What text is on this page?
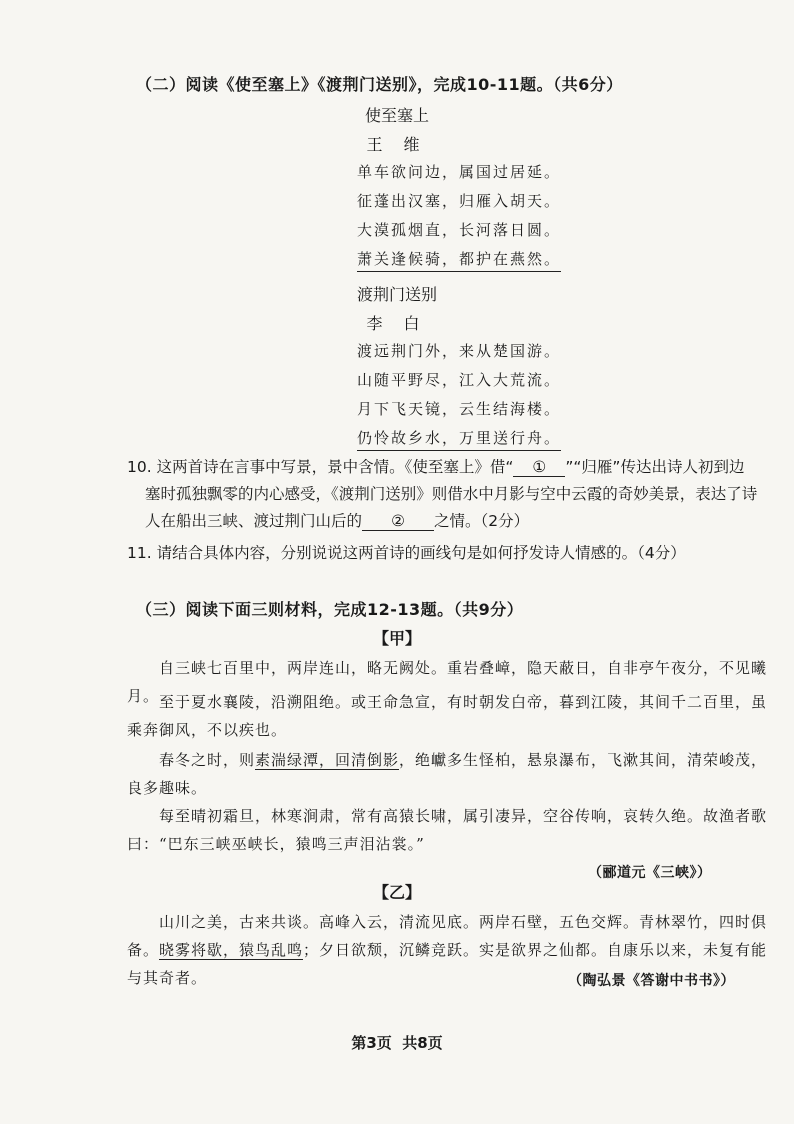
（二）阅读《使至塞上》《渡荆门送别》，完成10-11题。（共6分）
使至塞上
王 维
单车欲问边，属国过居延。
征蓬出汉塞，归雁入胡天。
大漠孤烟直，长河落日圆。
萧关逢候骑，都护在燕然。
渡荆门送别
李 白
渡远荆门外，来从楚国游。
山随平野尽，江入大荒流。
月下飞天镜，云生结海楼。
仍怜故乡水，万里送行舟。
10. 这两首诗在言事中写景，景中含情。《使至塞上》借“ ① ”“归雁”传达出诗人初到边
塞时孤独飘零的内心感受，《渡荆门送别》则借水中月影与空中云霞的奇妙美景，表达了诗
人在船出三峡、渡过荆门山后的 ② 之情。（2分）
11. 请结合具体内容，分别说说这两首诗的画线句是如何抒发诗人情感的。（4分）
（三）阅读下面三则材料，完成12-13题。（共9分）
【甲】
自三峡七百里中，两岸连山，略无阙处。重岩叠嶂，隐天蔽日，自非亭午夜分，不见曦月。 至于夏水襄陵，沿溯阻绝。或王命急宣，有时朝发白帝，暮到江陵，其间千二百里，虽乘奔御风，不以疾也。
春冬之时，则素湍绿潭，回清倒影，绝巘多生怪柏，悬泉瀑布，飞漱其间，清荣峻茂，良多趣味。
每至晴初霜旦，林寒涧肃，常有高猿长啸，属引凄异，空谷传响，哀转久绝。故渔者歌曰：“巴东三峡巫峡长，猿鸣三声泪沾裳。”
（郦道元《三峡》）
【乙】
山川之美，古来共谈。高峰入云，清流见底。两岸石壁，五色交辉。青林翠竹，四时俱备。晓雾将歇，猿鸟乱鸣；夕日欲颓，沉鳞竞跃。实是欲界之仙都。自康乐以来，未复有能与其奇者。	（陶弘景《答谢中书书》）
第3页  共8页
